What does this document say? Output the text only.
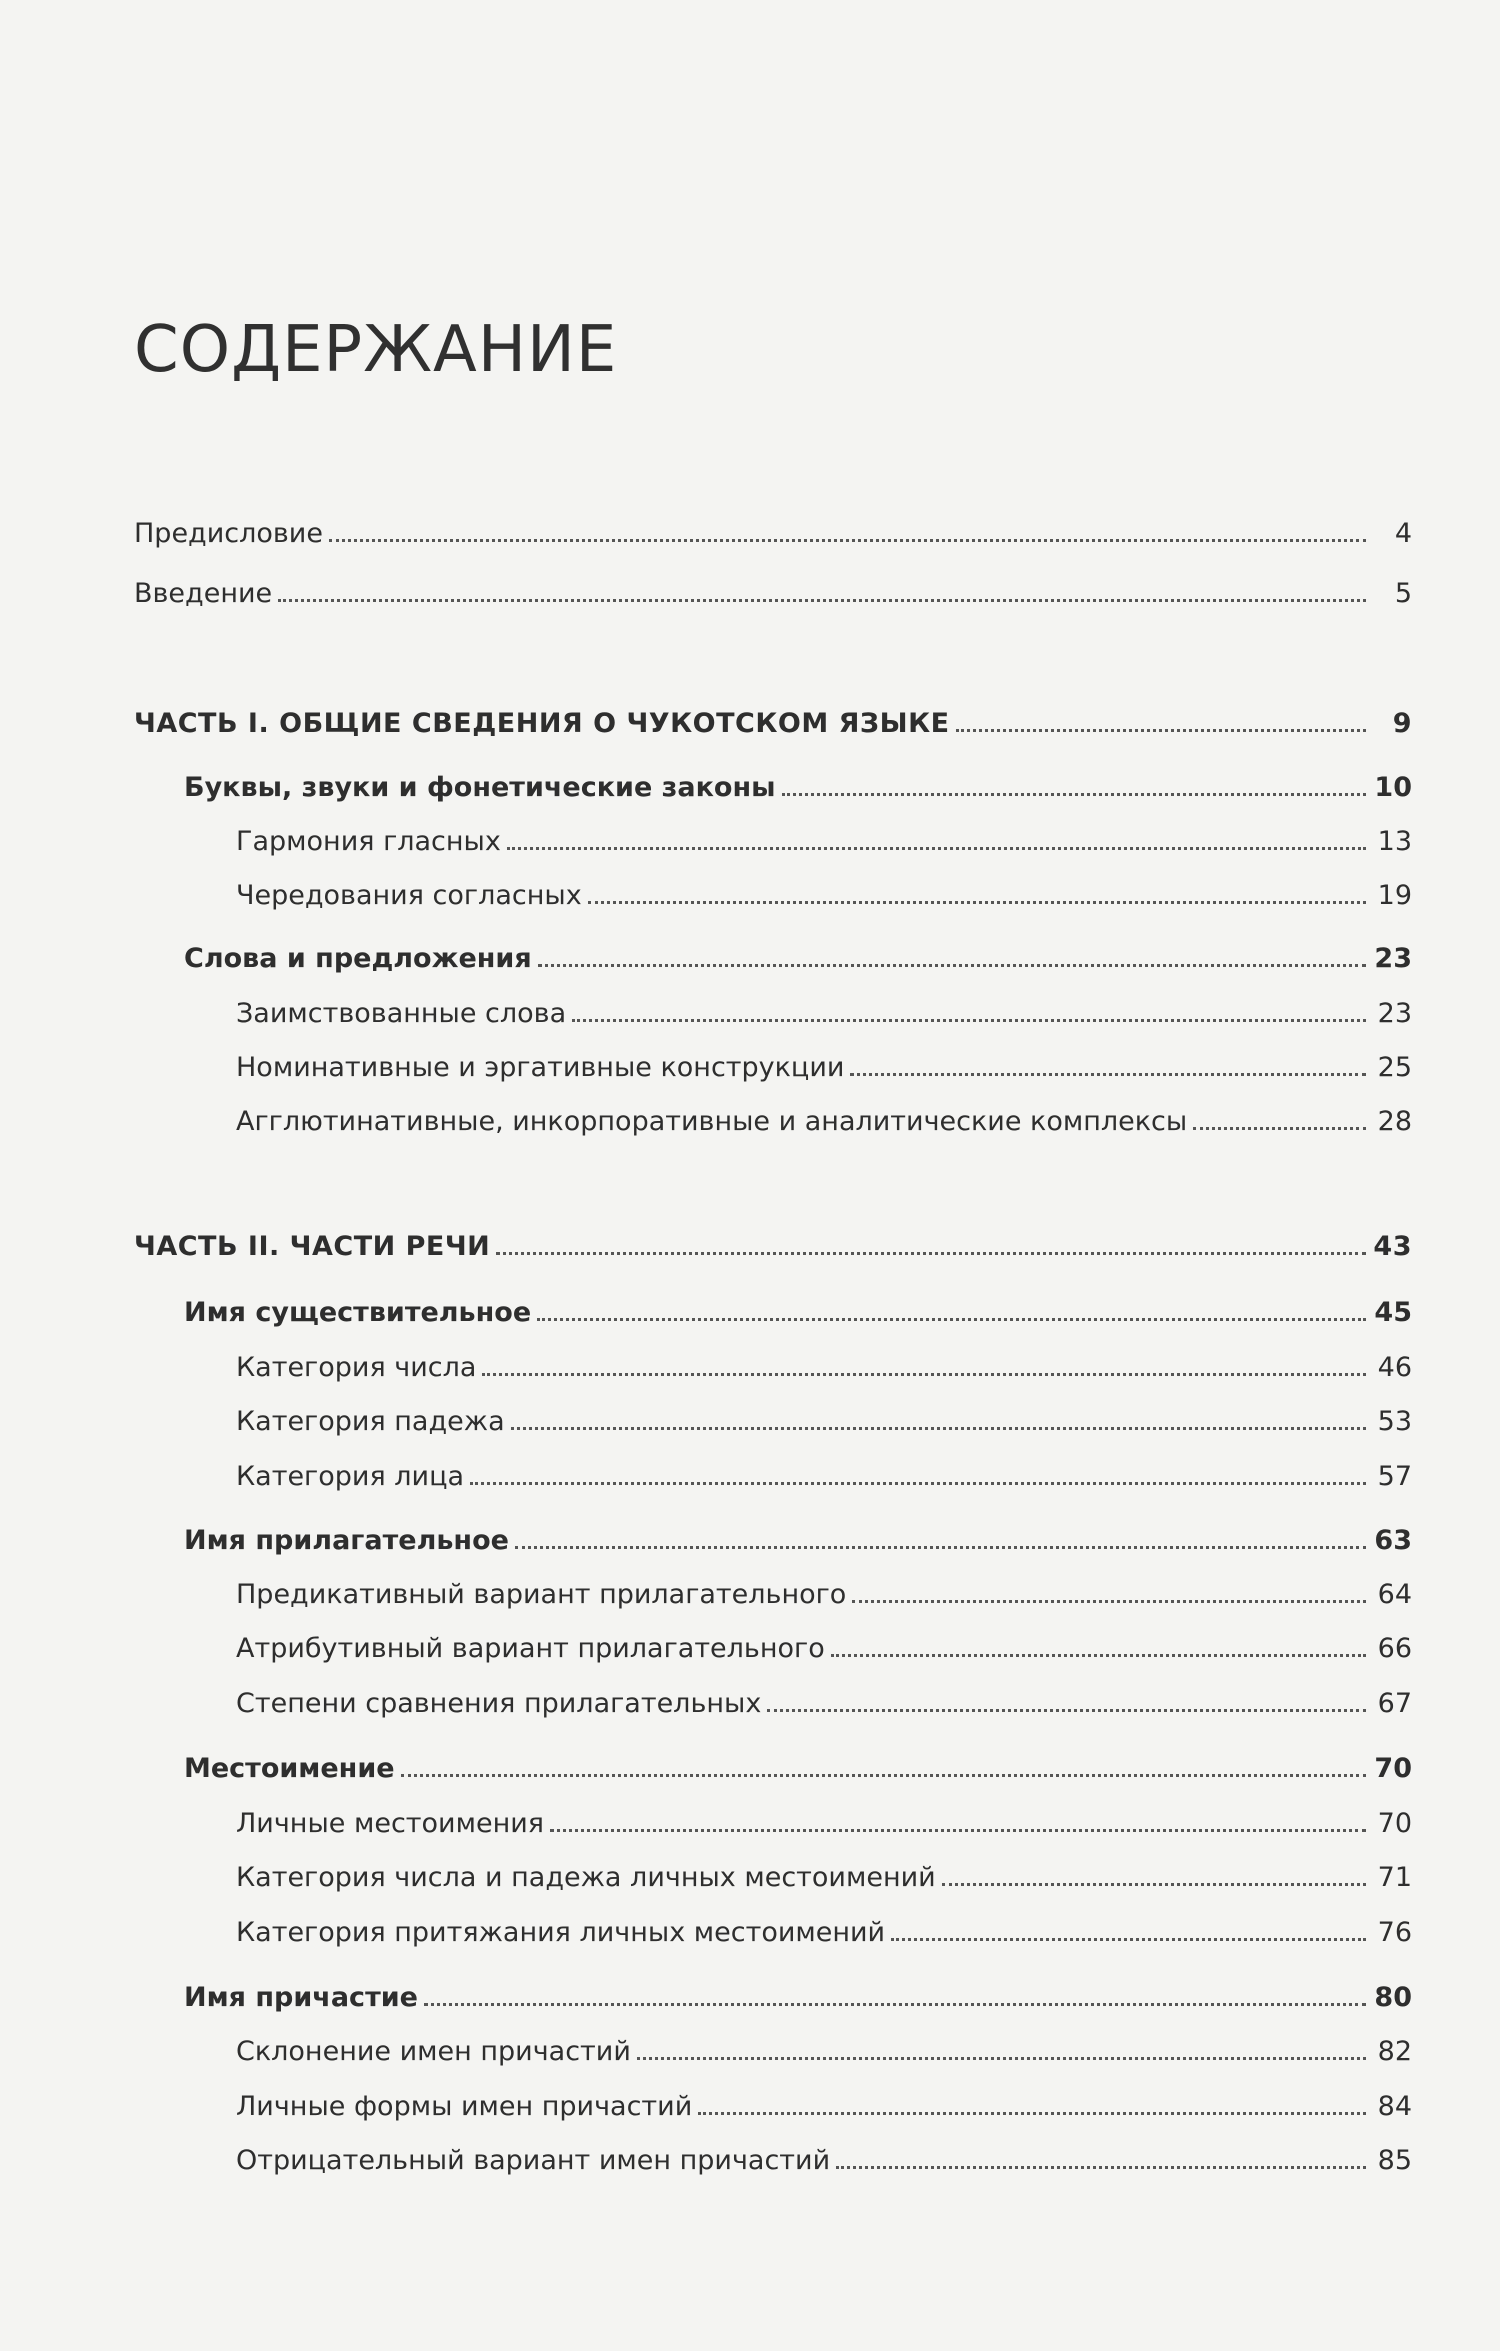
СОДЕРЖАНИЕ
Предисловие	4
Введение	5
ЧАСТЬ I. ОБЩИЕ СВЕДЕНИЯ О ЧУКОТСКОМ ЯЗЫКЕ	9
Буквы, звуки и фонетические законы	10
Гармония гласных	13
Чередования согласных	19
Слова и предложения	23
Заимствованные слова	23
Номинативные и эргативные конструкции	25
Агглютинативные, инкорпоративные и аналитические комплексы	28
ЧАСТЬ II. ЧАСТИ РЕЧИ	43
Имя существительное	45
Категория числа	46
Категория падежа	53
Категория лица	57
Имя прилагательное	63
Предикативный вариант прилагательного	64
Атрибутивный вариант прилагательного	66
Степени сравнения прилагательных	67
Местоимение	70
Личные местоимения	70
Категория числа и падежа личных местоимений	71
Категория притяжания личных местоимений	76
Имя причастие	80
Склонение имен причастий	82
Личные формы имен причастий	84
Отрицательный вариант имен причастий	85
